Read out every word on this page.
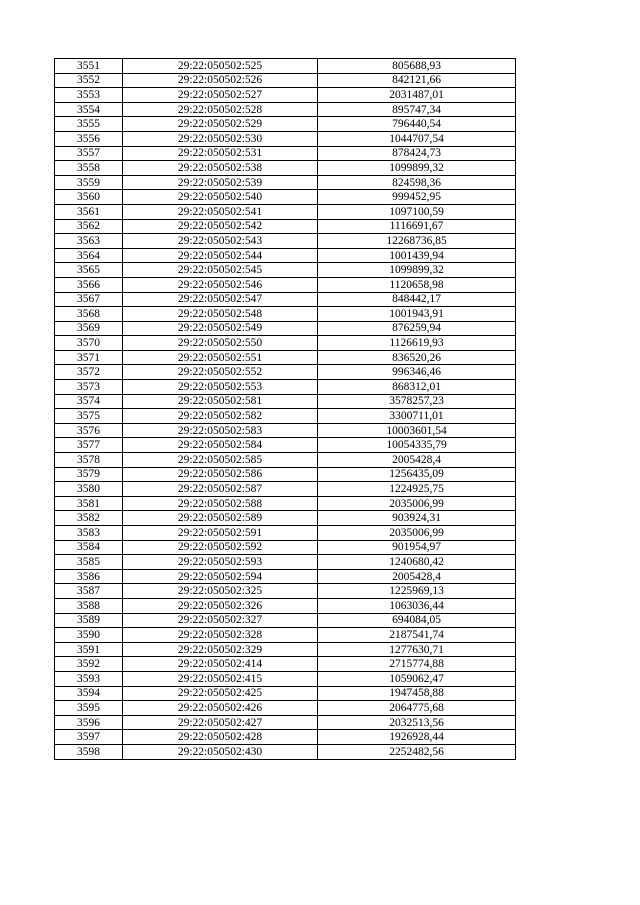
3551	29:22:050502:525	805688,93
3552	29:22:050502:526	842121,66
3553	29:22:050502:527	2031487,01
3554	29:22:050502:528	895747,34
3555	29:22:050502:529	796440,54
3556	29:22:050502:530	1044707,54
3557	29:22:050502:531	878424,73
3558	29:22:050502:538	1099899,32
3559	29:22:050502:539	824598,36
3560	29:22:050502:540	999452,95
3561	29:22:050502:541	1097100,59
3562	29:22:050502:542	1116691,67
3563	29:22:050502:543	12268736,85
3564	29:22:050502:544	1001439,94
3565	29:22:050502:545	1099899,32
3566	29:22:050502:546	1120658,98
3567	29:22:050502:547	848442,17
3568	29:22:050502:548	1001943,91
3569	29:22:050502:549	876259,94
3570	29:22:050502:550	1126619,93
3571	29:22:050502:551	836520,26
3572	29:22:050502:552	996346,46
3573	29:22:050502:553	868312,01
3574	29:22:050502:581	3578257,23
3575	29:22:050502:582	3300711,01
3576	29:22:050502:583	10003601,54
3577	29:22:050502:584	10054335,79
3578	29:22:050502:585	2005428,4
3579	29:22:050502:586	1256435,09
3580	29:22:050502:587	1224925,75
3581	29:22:050502:588	2035006,99
3582	29:22:050502:589	903924,31
3583	29:22:050502:591	2035006,99
3584	29:22:050502:592	901954,97
3585	29:22:050502:593	1240680,42
3586	29:22:050502:594	2005428,4
3587	29:22:050502:325	1225969,13
3588	29:22:050502:326	1063036,44
3589	29:22:050502:327	694084,05
3590	29:22:050502:328	2187541,74
3591	29:22:050502:329	1277630,71
3592	29:22:050502:414	2715774,88
3593	29:22:050502:415	1059062,47
3594	29:22:050502:425	1947458,88
3595	29:22:050502:426	2064775,68
3596	29:22:050502:427	2032513,56
3597	29:22:050502:428	1926928,44
3598	29:22:050502:430	2252482,56
